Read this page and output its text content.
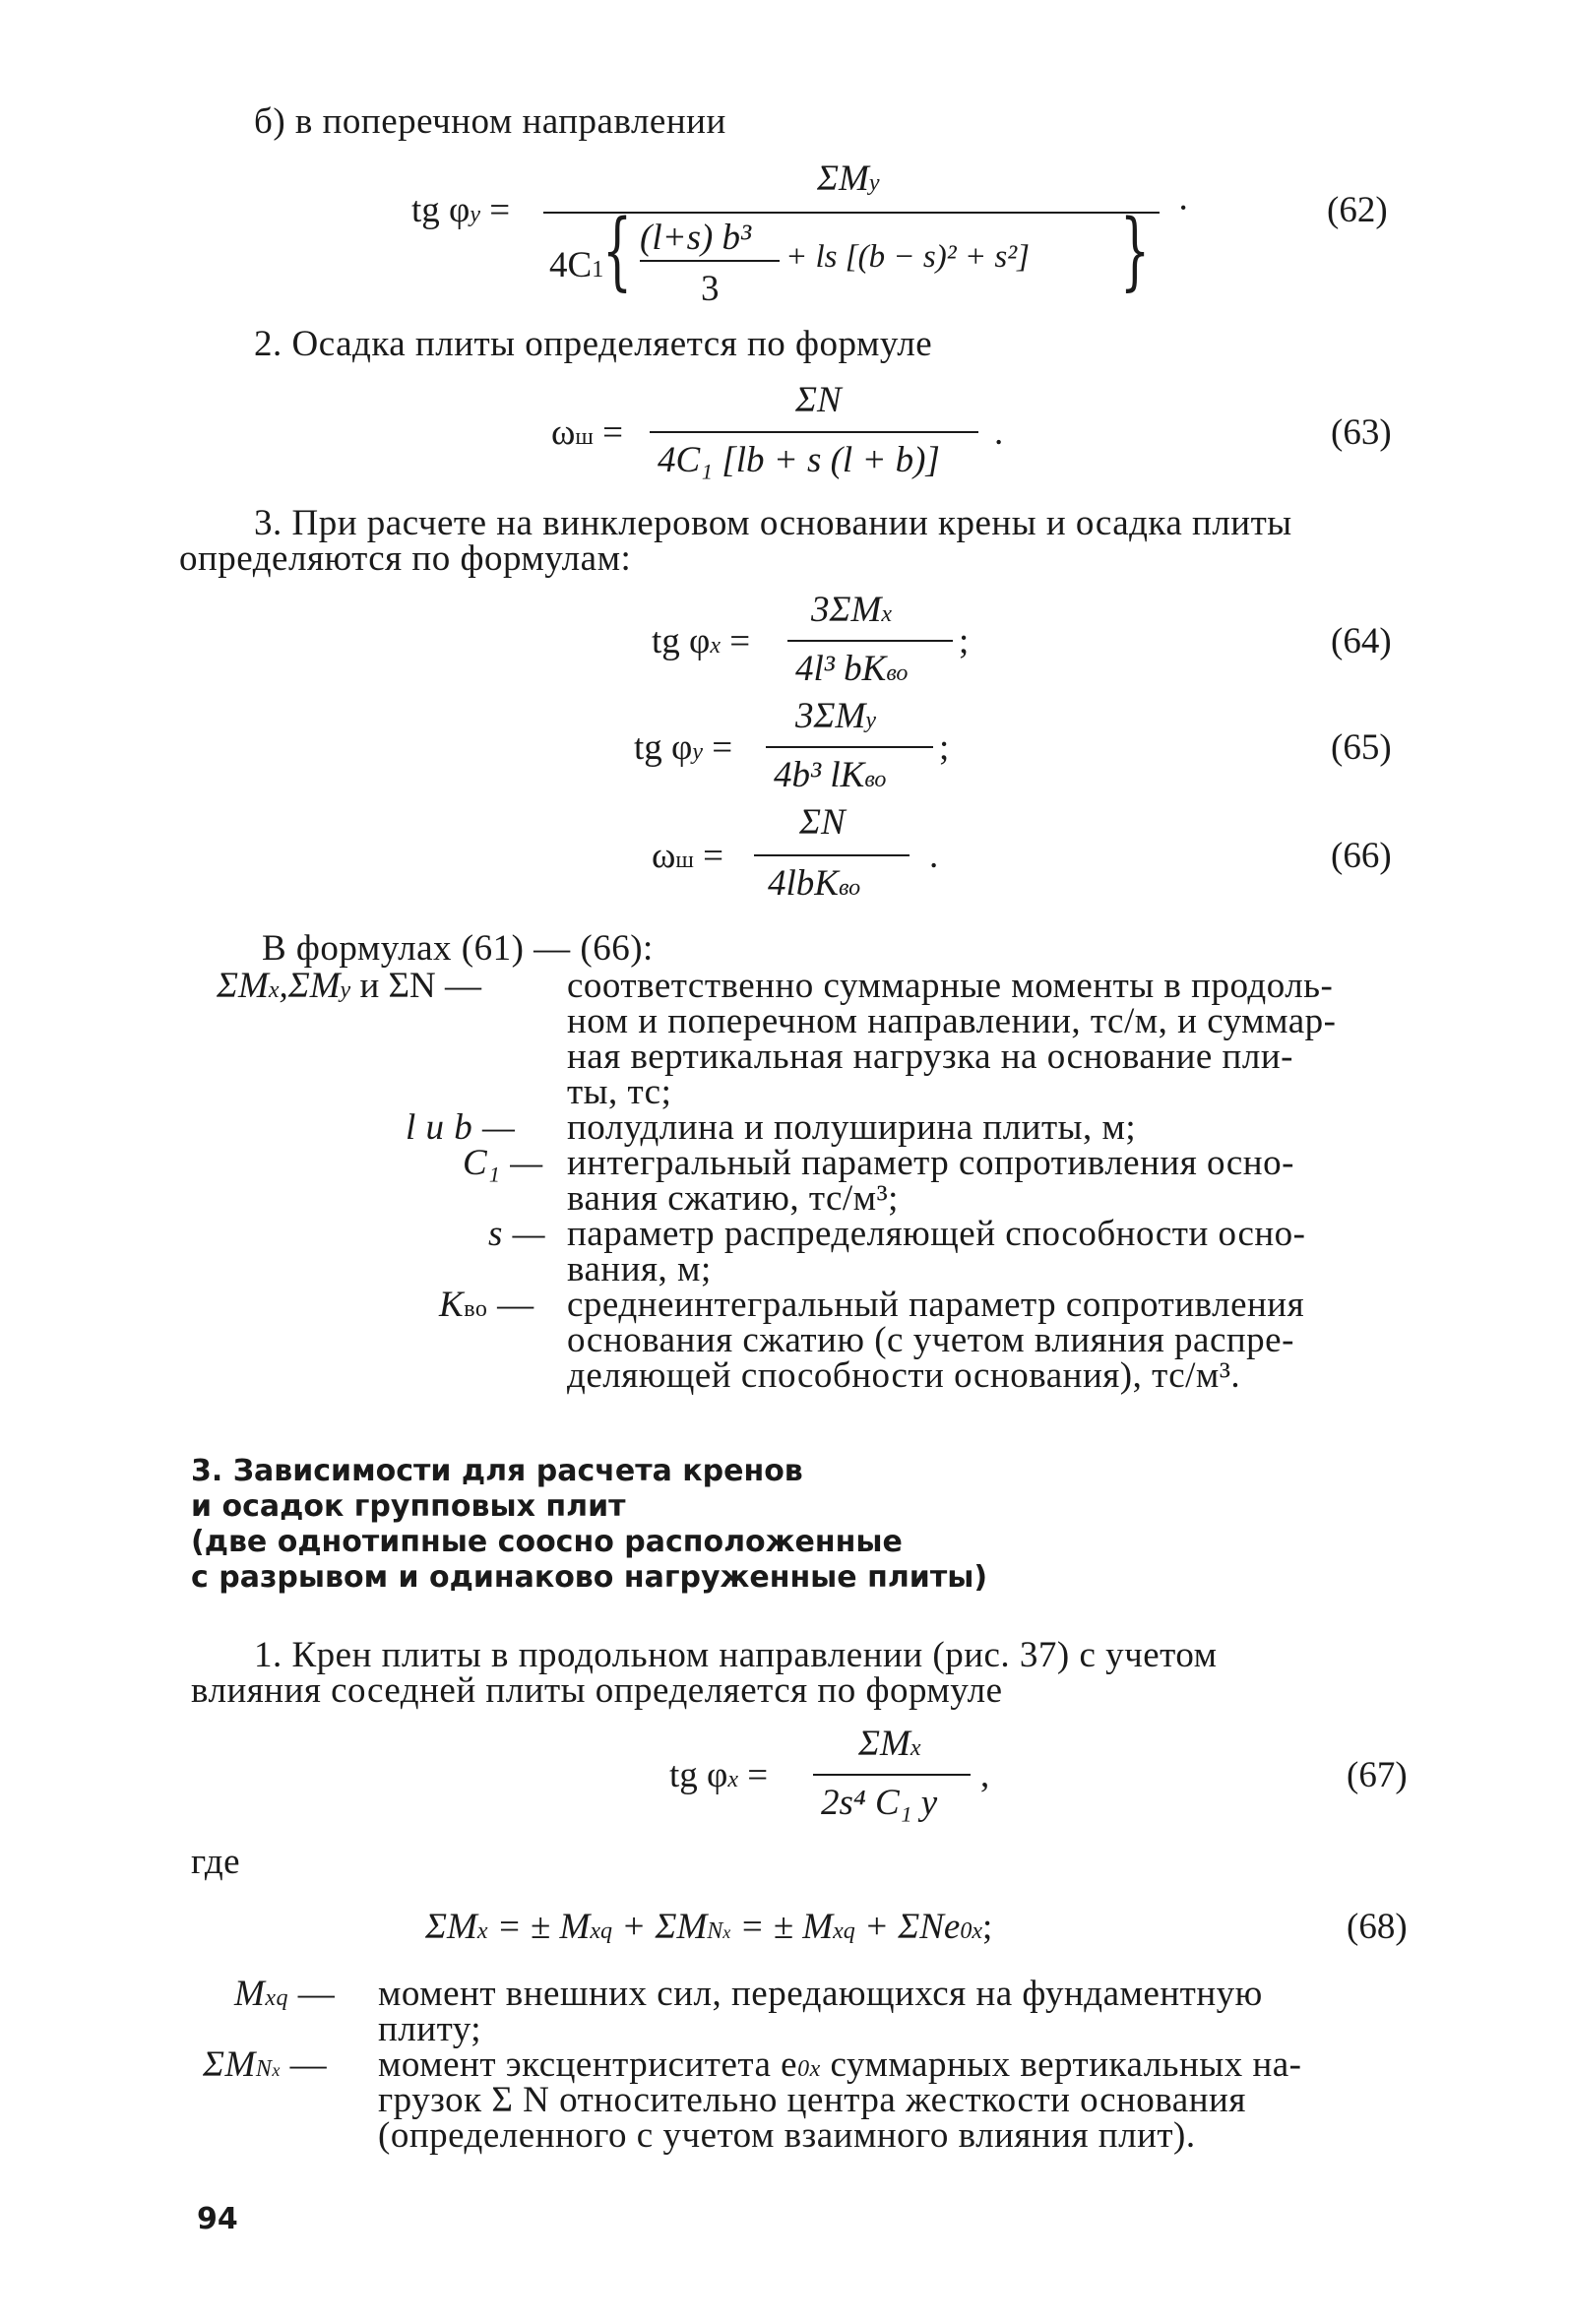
б) в поперечном направлении
tg φy =
ΣMy
4C1
{ (l+s) b³
3
+ ls [(b − s)² + s²] } ·	(62)
2. Осадка плиты определяется по формуле
ωш =
ΣN
4C₁ [lb + s (l + b)]
.	(63)
3. При расчете на винклеровом основании крены и осадка плиты
определяются по формулам:
tg φx =
3ΣMx
4l³ bKво
;	(64)
tg φy =
3ΣMy
4b³ lKво
;	(65)
ωш =
ΣN
4lbKво
.	(66)
В формулах (61) — (66):
ΣMx,ΣMy и ΣN — соответственно суммарные моменты в продоль-
ном и поперечном направлении, тс/м, и суммар-
ная вертикальная нагрузка на основание пли-
ты, тс;
l и b — полудлина и полуширина плиты, м;
C₁ — интегральный параметр сопротивления осно-
вания сжатию, тс/м³;
s — параметр распределяющей способности осно-
вания, м;
Kво — среднеинтегральный параметр сопротивления
основания сжатию (с учетом влияния распре-
деляющей способности основания), тс/м³.
3. Зависимости для расчета кренов
и осадок групповых плит
(две однотипные соосно расположенные
с разрывом и одинаково нагруженные плиты)
1. Крен плиты в продольном направлении (рис. 37) с учетом
влияния соседней плиты определяется по формуле
tg φx =
ΣMx
2s⁴ C₁ y
,	(67)
где
ΣMx = ± Mxq + ΣMNx = ± Mxq + ΣNe0x;	(68)
Mxq — момент внешних сил, передающихся на фундаментную
плиту;
ΣMNx — момент эксцентриситета e0x суммарных вертикальных на-
грузок Σ N относительно центра жесткости основания
(определенного с учетом взаимного влияния плит).
94
